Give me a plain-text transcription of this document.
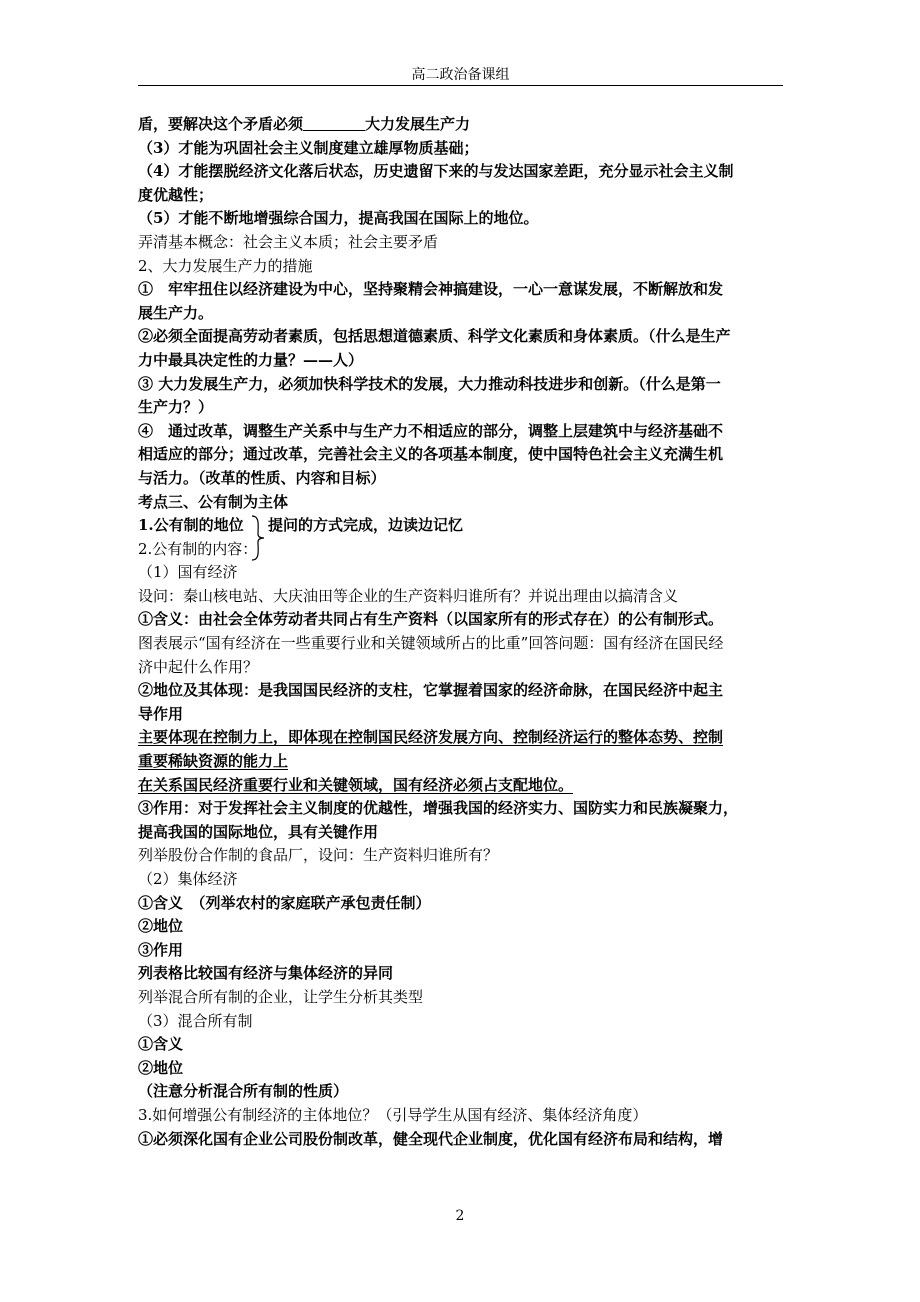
高二政治备课组
盾，要解决这个矛盾必须	大力发展生产力
（3）才能为巩固社会主义制度建立雄厚物质基础；
（4）才能摆脱经济文化落后状态，历史遗留下来的与发达国家差距，充分显示社会主义制
度优越性；
（5）才能不断地增强综合国力，提高我国在国际上的地位。
弄清基本概念：社会主义本质；社会主要矛盾
2、大力发展生产力的措施
①　牢牢扭住以经济建设为中心，坚持聚精会神搞建设，一心一意谋发展，不断解放和发
展生产力。
②必须全面提高劳动者素质，包括思想道德素质、科学文化素质和身体素质。（什么是生产
力中最具决定性的力量？——人）
③ 大力发展生产力，必须加快科学技术的发展，大力推动科技进步和创新。（什么是第一
生产力？）
④　通过改革，调整生产关系中与生产力不相适应的部分，调整上层建筑中与经济基础不
相适应的部分；通过改革，完善社会主义的各项基本制度，使中国特色社会主义充满生机
与活力。（改革的性质、内容和目标）
考点三、公有制为主体
1.公有制的地位
2.公有制的内容：
提问的方式完成，边读边记忆
（1）国有经济
设问：秦山核电站、大庆油田等企业的生产资料归谁所有？并说出理由以搞清含义
①含义：由社会全体劳动者共同占有生产资料（以国家所有的形式存在）的公有制形式。
图表展示“国有经济在一些重要行业和关键领域所占的比重”回答问题：国有经济在国民经
济中起什么作用？
②地位及其体现：是我国国民经济的支柱，它掌握着国家的经济命脉，在国民经济中起主
导作用
主要体现在控制力上，即体现在控制国民经济发展方向、控制经济运行的整体态势、控制
重要稀缺资源的能力上
在关系国民经济重要行业和关键领域，国有经济必须占支配地位。
③作用：对于发挥社会主义制度的优越性，增强我国的经济实力、国防实力和民族凝聚力，
提高我国的国际地位，具有关键作用
列举股份合作制的食品厂，设问：生产资料归谁所有？
（2）集体经济
①含义　（列举农村的家庭联产承包责任制）
②地位
③作用
列表格比较国有经济与集体经济的异同
列举混合所有制的企业，让学生分析其类型
（3）混合所有制
①含义
②地位
（注意分析混合所有制的性质）
3.如何增强公有制经济的主体地位？（引导学生从国有经济、集体经济角度）
①必须深化国有企业公司股份制改革，健全现代企业制度，优化国有经济布局和结构，增
2
